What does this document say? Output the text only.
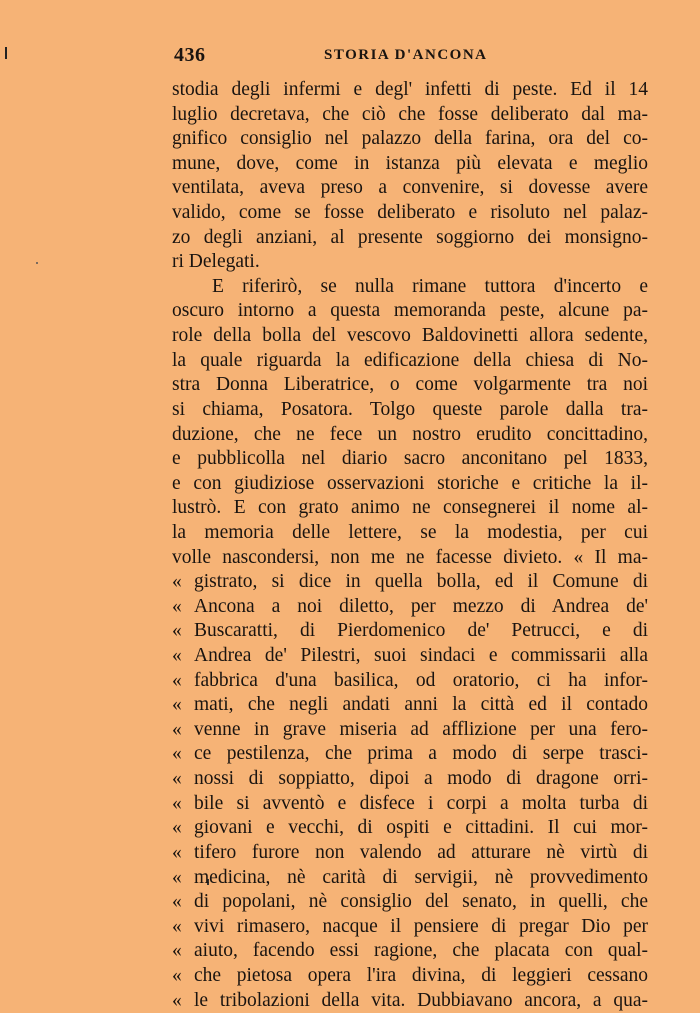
436	STORIA D'ANCONA
stodia degli infermi e degl' infetti di peste. Ed il 14
luglio decretava, che ciò che fosse deliberato dal ma-
gnifico consiglio nel palazzo della farina, ora del co-
mune, dove, come in istanza più elevata e meglio
ventilata, aveva preso a convenire, si dovesse avere
valido, come se fosse deliberato e risoluto nel palaz-
zo degli anziani, al presente soggiorno dei monsignо-
ri Delegati.
E riferirò, se nulla rimane tuttora d'incerto e
oscuro intorno a questa memoranda peste, alcune pa-
role della bolla del vescovo Baldovinetti allora sedente,
la quale riguarda la edificazione della chiesa di No-
stra Donna Liberatrice, o come volgarmente tra noi
si chiama, Posatora. Tolgo queste parole dalla tra-
duzione, che ne fece un nostro erudito concittadino,
e pubblicolla nel diario sacro anconitano pel 1833,
e con giudiziose osservazioni storiche e critiche la il-
lustrò. E con grato animo ne consegnerei il nome al-
la memoria delle lettere, se la modestia, per cui
volle nascondersi, non me ne facesse divieto. « Il ma-
« gistrato, si dice in quella bolla, ed il Comune di
« Ancona a noi diletto, per mezzo di Andrea de'
« Buscaratti, di Pierdomenico de' Petrucci, e di
« Andrea de' Pilestri, suoi sindaci e commissarii alla
« fabbrica d'una basilica, od oratorio, ci ha infor-
« mati, che negli andati anni la città ed il contado
« venne in grave miseria ad afflizione per una fero-
« ce pestilenza, che prima a modo di serpe trasci-
« nossi di soppiatto, dipoi a modo di dragone orri-
« bile si avventò e disfece i corpi a molta turba di
« giovani e vecchi, di ospiti e cittadini. Il cui mor-
« tifero furore non valendo ad atturare nè virtù di
« medicina, nè carità di servigii, nè provvedimento
« di popolani, nè consiglio del senato, in quelli, che
« vivi rimasero, nacque il pensiere di pregar Dio per
« aiuto, facendo essi ragione, che placata con qual-
« che pietosa opera l'ira divina, di leggieri cessano
« le tribolazioni della vita. Dubbiavano ancora, a qua-
